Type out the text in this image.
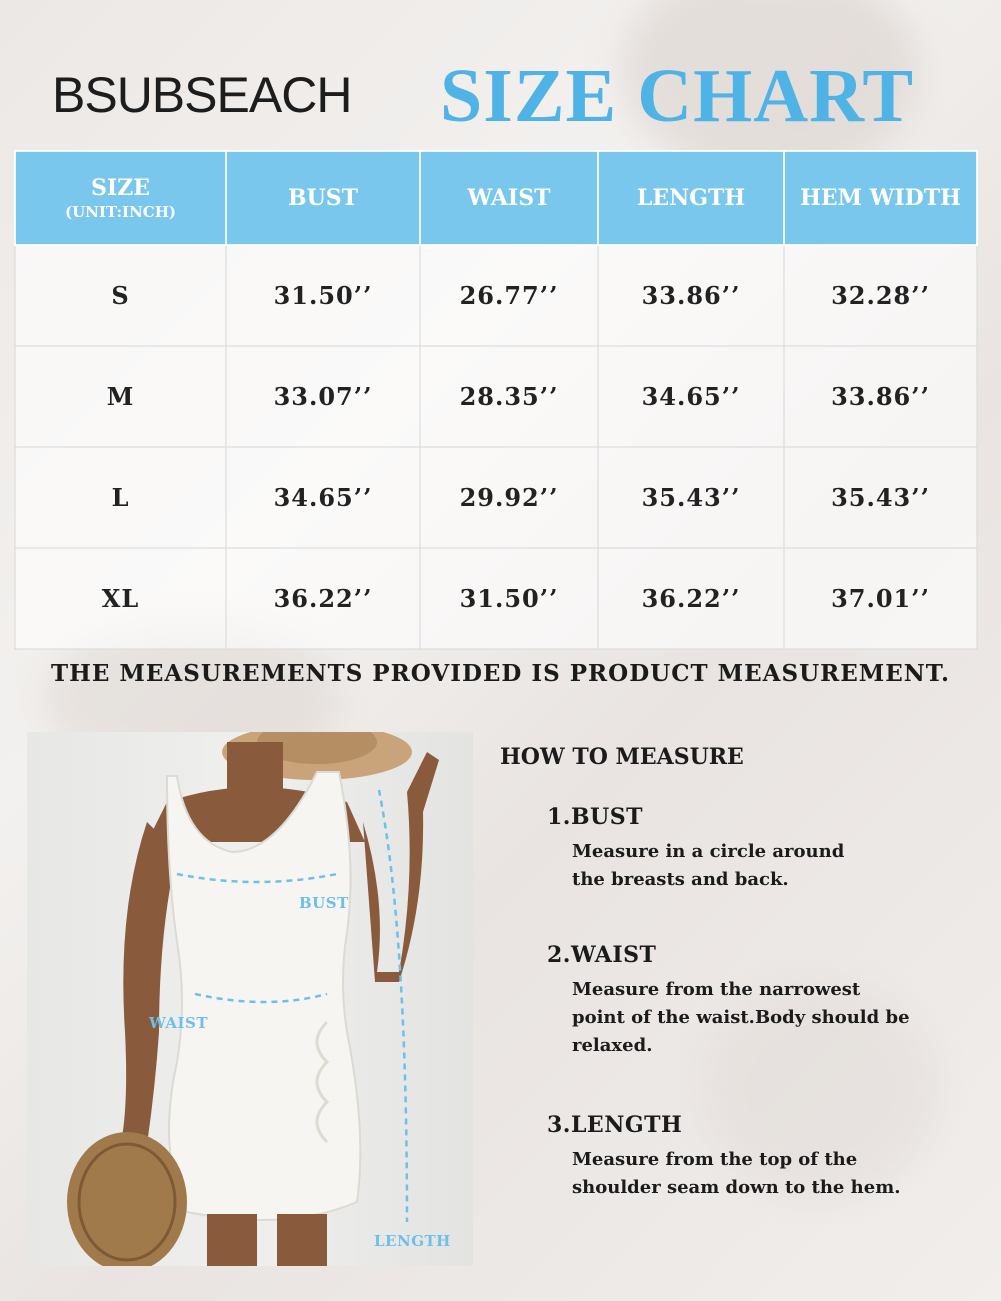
BSUBSEACH SIZE CHART
SIZE
(UNIT:INCH)	BUST	WAIST	LENGTH	HEM WIDTH
S	31.50’’	26.77’’	33.86’’	32.28’’
M	33.07’’	28.35’’	34.65’’	33.86’’
L	34.65’’	29.92’’	35.43’’	35.43’’
XL	36.22’’	31.50’’	36.22’’	37.01’’
THE MEASUREMENTS PROVIDED IS PRODUCT MEASUREMENT.
BUST
WAIST
LENGTH
HOW TO MEASURE
1.BUST
Measure in a circle around the breasts and back.
2.WAIST
Measure from the narrowest point of the waist.Body should be relaxed.
3.LENGTH
Measure from the top of the shoulder seam down to the hem.
